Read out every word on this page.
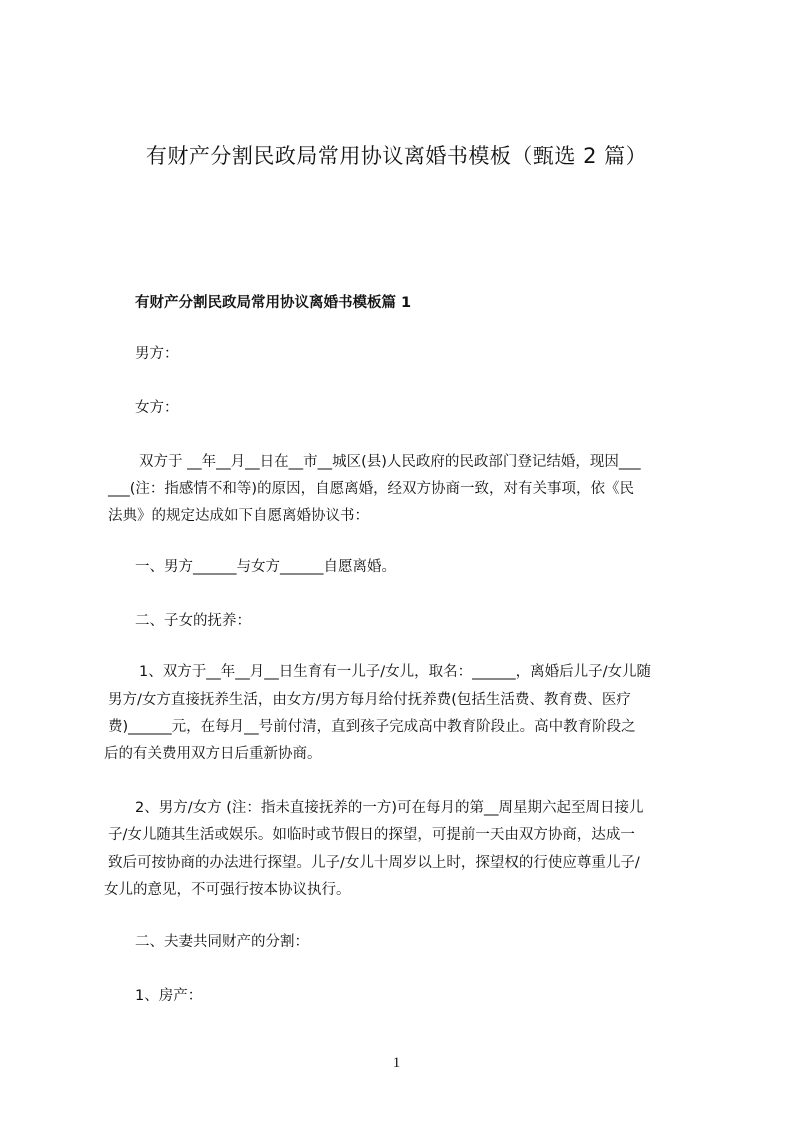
有财产分割民政局常用协议离婚书模板（甄选 2 篇）
有财产分割民政局常用协议离婚书模板篇 1
男方：
女方：
双方于 __年__月__日在__市__城区(县)人民政府的民政部门登记结婚，现因___
___(注：指感情不和等)的原因，自愿离婚，经双方协商一致，对有关事项，依《民
法典》的规定达成如下自愿离婚协议书：
一、男方______与女方______自愿离婚。
二、子女的抚养：
1、双方于__年__月__日生育有一儿子/女儿，取名：______，离婚后儿子/女儿随
男方/女方直接抚养生活，由女方/男方每月给付抚养费(包括生活费、教育费、医疗
费)______元，在每月__号前付清，直到孩子完成高中教育阶段止。高中教育阶段之
后的有关费用双方日后重新协商。
2、男方/女方 (注：指未直接抚养的一方)可在每月的第__周星期六起至周日接儿
子/女儿随其生活或娱乐。如临时或节假日的探望，可提前一天由双方协商，达成一
致后可按协商的办法进行探望。儿子/女儿十周岁以上时，探望权的行使应尊重儿子/
女儿的意见，不可强行按本协议执行。
二、夫妻共同财产的分割：
1、房产：
1
